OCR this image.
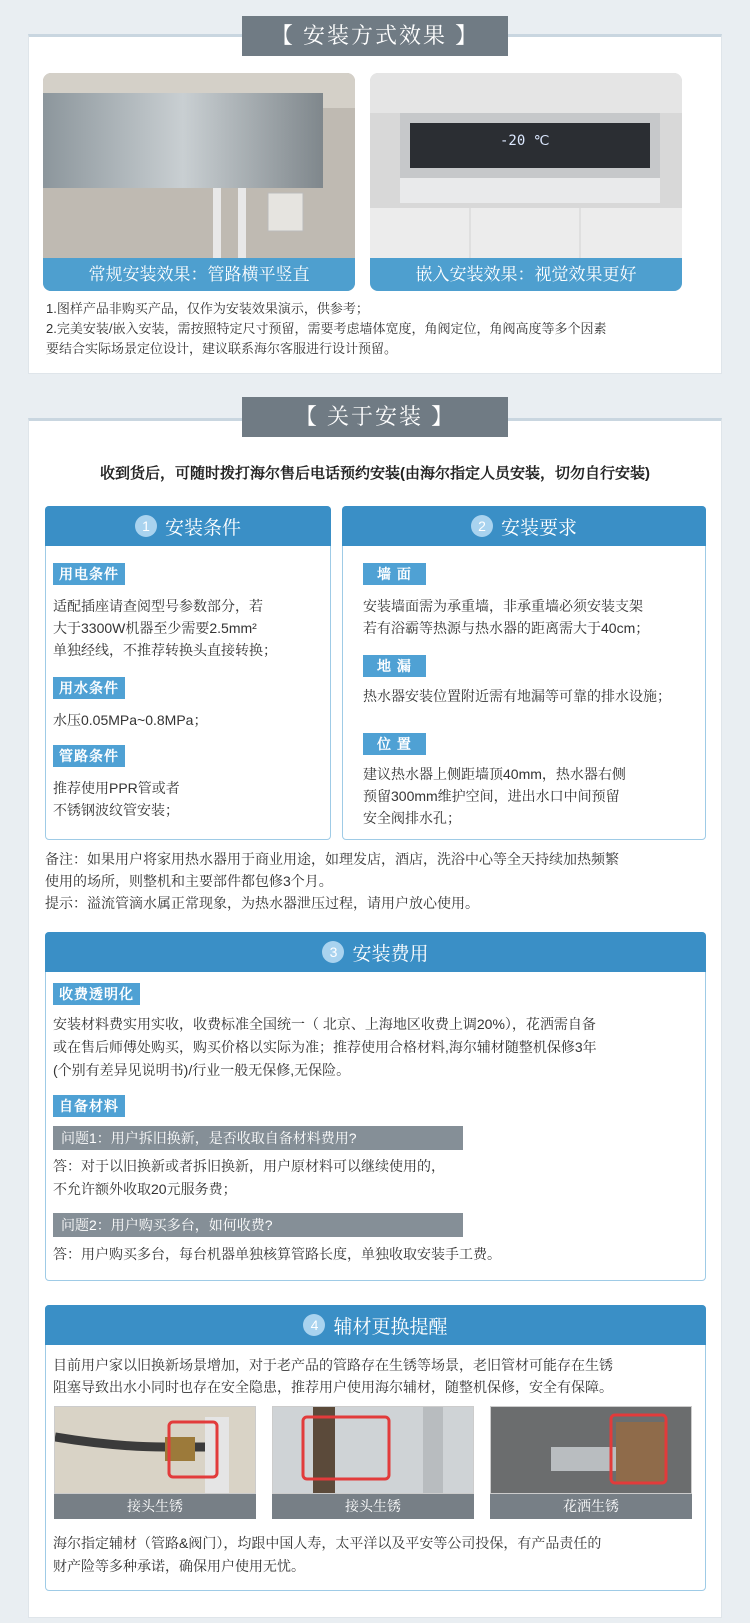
【 安装方式效果 】
常规安装效果：管路横平竖直
-20 ℃
嵌入安装效果：视觉效果更好
1.图样产品非购买产品，仅作为安装效果演示，供参考；
2.完美安装/嵌入安装，需按照特定尺寸预留，需要考虑墙体宽度，角阀定位，角阀高度等多个因素
要结合实际场景定位设计，建议联系海尔客服进行设计预留。
【 关于安装 】
收到货后，可随时拨打海尔售后电话预约安装(由海尔指定人员安装，切勿自行安装)
1 安装条件
用电条件
适配插座请查阅型号参数部分，若
大于3300W机器至少需要2.5mm²
单独经线，不推荐转换头直接转换；
用水条件
水压0.05MPa~0.8MPa；
管路条件
推荐使用PPR管或者
不锈钢波纹管安装；
2 安装要求
墙 面
安装墙面需为承重墙，非承重墙必须安装支架
若有浴霸等热源与热水器的距离需大于40cm；
地 漏
热水器安装位置附近需有地漏等可靠的排水设施；
位 置
建议热水器上侧距墙顶40mm，热水器右侧
预留300mm维护空间，进出水口中间预留
安全阀排水孔；
备注：如果用户将家用热水器用于商业用途，如理发店，酒店，洗浴中心等全天持续加热频繁
使用的场所，则整机和主要部件都包修3个月。
提示：溢流管滴水属正常现象，为热水器泄压过程，请用户放心使用。
3 安装费用
收费透明化
安装材料费实用实收，收费标准全国统一（ 北京、上海地区收费上调20%），花洒需自备
或在售后师傅处购买，购买价格以实际为准；推荐使用合格材料,海尔辅材随整机保修3年
(个别有差异见说明书)/行业一般无保修,无保险。
自备材料
问题1：用户拆旧换新，是否收取自备材料费用?
答：对于以旧换新或者拆旧换新，用户原材料可以继续使用的，
不允许额外收取20元服务费；
问题2：用户购买多台，如何收费?
答：用户购买多台，每台机器单独核算管路长度，单独收取安装手工费。
4 辅材更换提醒
目前用户家以旧换新场景增加，对于老产品的管路存在生锈等场景，老旧管材可能存在生锈
阻塞导致出水小同时也存在安全隐患，推荐用户使用海尔辅材，随整机保修，安全有保障。
接头生锈	接头生锈	花洒生锈
海尔指定辅材（管路&阀门），均跟中国人寿，太平洋以及平安等公司投保，有产品责任的
财产险等多种承诺，确保用户使用无忧。
